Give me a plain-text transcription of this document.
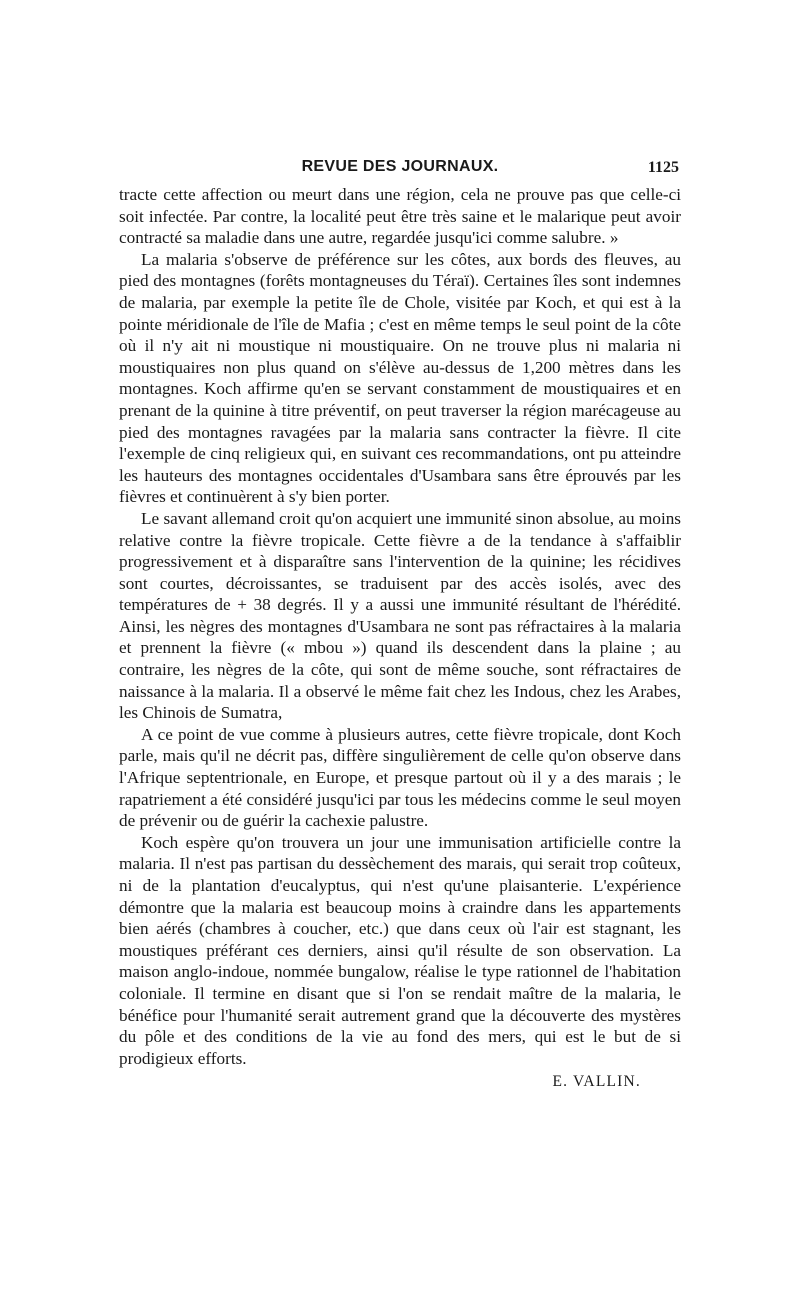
REVUE DES JOURNAUX.	1125

tracte cette affection ou meurt dans une région, cela ne prouve pas que celle-ci soit infectée. Par contre, la localité peut être très saine et le malarique peut avoir contracté sa maladie dans une autre, regardée jusqu'ici comme salubre. »

La malaria s'observe de préférence sur les côtes, aux bords des fleuves, au pied des montagnes (forêts montagneuses du Téraï). Certaines îles sont indemnes de malaria, par exemple la petite île de Chole, visitée par Koch, et qui est à la pointe méridionale de l'île de Mafia ; c'est en même temps le seul point de la côte où il n'y ait ni moustique ni moustiquaire. On ne trouve plus ni malaria ni moustiquaires non plus quand on s'élève au-dessus de 1,200 mètres dans les montagnes. Koch affirme qu'en se servant constamment de moustiquaires et en prenant de la quinine à titre préventif, on peut traverser la région marécageuse au pied des montagnes ravagées par la malaria sans contracter la fièvre. Il cite l'exemple de cinq religieux qui, en suivant ces recommandations, ont pu atteindre les hauteurs des montagnes occidentales d'Usambara sans être éprouvés par les fièvres et continuèrent à s'y bien porter.

Le savant allemand croit qu'on acquiert une immunité sinon absolue, au moins relative contre la fièvre tropicale. Cette fièvre a de la tendance à s'affaiblir progressivement et à disparaître sans l'intervention de la quinine; les récidives sont courtes, décroissantes, se traduisent par des accès isolés, avec des températures de + 38 degrés. Il y a aussi une immunité résultant de l'hérédité. Ainsi, les nègres des montagnes d'Usambara ne sont pas réfractaires à la malaria et prennent la fièvre (« mbou ») quand ils descendent dans la plaine ; au contraire, les nègres de la côte, qui sont de même souche, sont réfractaires de naissance à la malaria. Il a observé le même fait chez les Indous, chez les Arabes, les Chinois de Sumatra,

A ce point de vue comme à plusieurs autres, cette fièvre tropicale, dont Koch parle, mais qu'il ne décrit pas, diffère singulièrement de celle qu'on observe dans l'Afrique septentrionale, en Europe, et presque partout où il y a des marais ; le rapatriement a été considéré jusqu'ici par tous les médecins comme le seul moyen de prévenir ou de guérir la cachexie palustre.

Koch espère qu'on trouvera un jour une immunisation artificielle contre la malaria. Il n'est pas partisan du dessèchement des marais, qui serait trop coûteux, ni de la plantation d'eucalyptus, qui n'est qu'une plaisanterie. L'expérience démontre que la malaria est beaucoup moins à craindre dans les appartements bien aérés (chambres à coucher, etc.) que dans ceux où l'air est stagnant, les moustiques préférant ces derniers, ainsi qu'il résulte de son observation. La maison anglo-indoue, nommée bungalow, réalise le type rationnel de l'habitation coloniale. Il termine en disant que si l'on se rendait maître de la malaria, le bénéfice pour l'humanité serait autrement grand que la découverte des mystères du pôle et des conditions de la vie au fond des mers, qui est le but de si prodigieux efforts.

E. VALLIN.
